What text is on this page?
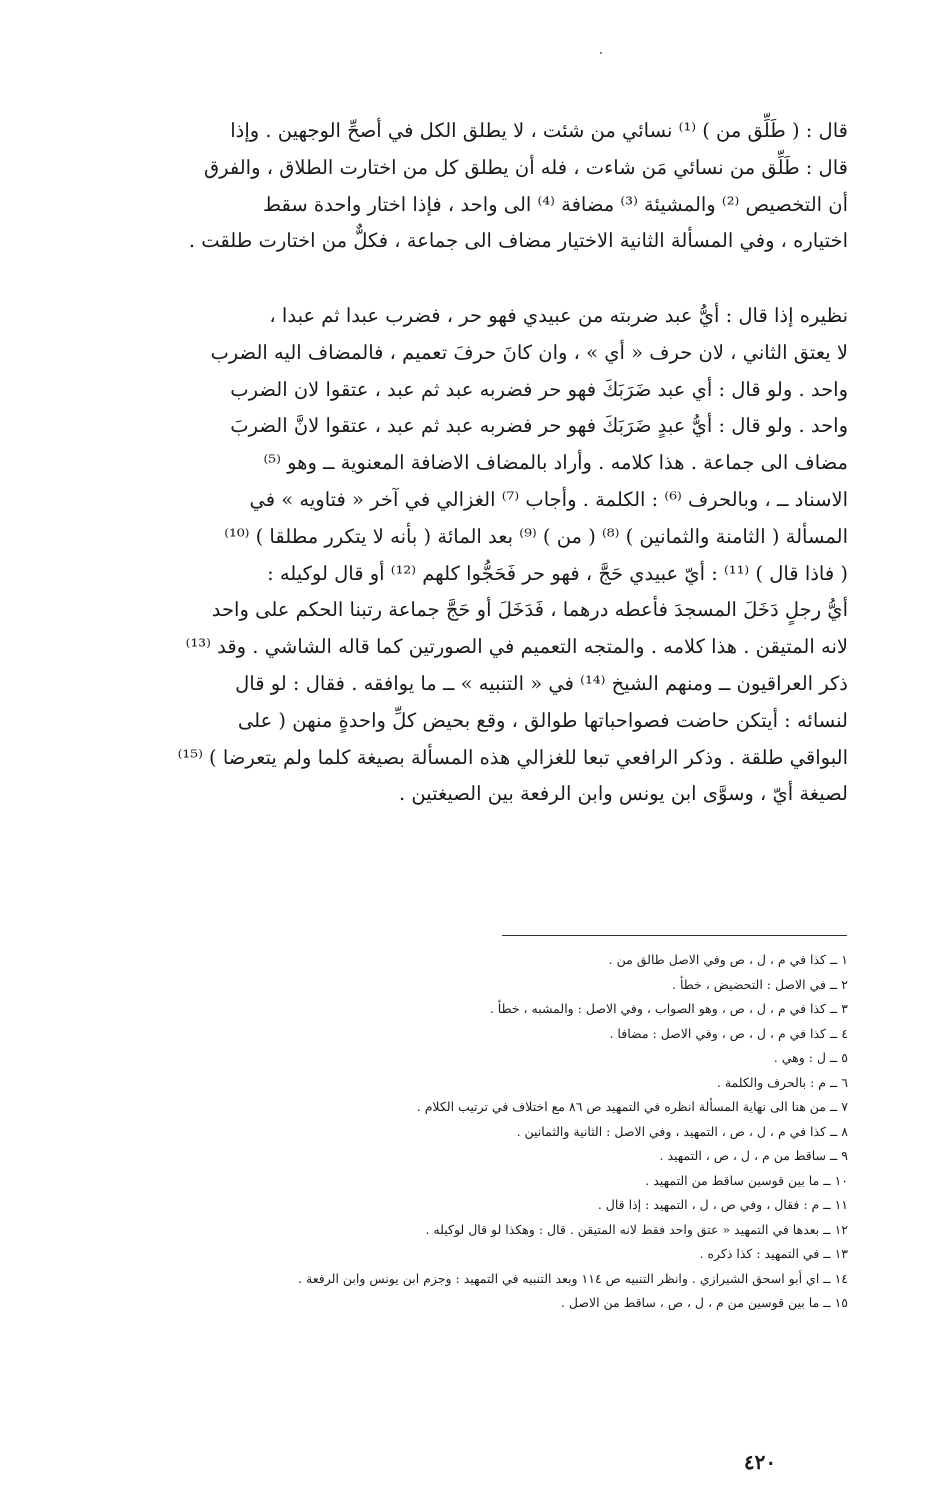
قال : ( طَلِّق من ) ⁽¹⁾ نسائي من شئت ، لا يطلق الكل في أصحِّ الوجهين . وإذا
قال : طَلِّق من نسائي مَن شاءت ، فله أن يطلق كل من اختارت الطلاق ، والفرق
أن التخصيص ⁽²⁾ والمشيئة ⁽³⁾ مضافة ⁽⁴⁾ الى واحد ، فإذا اختار واحدة سقط
اختياره ، وفي المسألة الثانية الاختيار مضاف الى جماعة ، فكلٌّ من اختارت طلقت .
نظيره إذا قال : أيُّ عبد ضربته من عبيدي فهو حر ، فضرب عبدا ثم عبدا ،
لا يعتق الثاني ، لان حرف « أي » ، وان كانَ حرفَ تعميم ، فالمضاف اليه الضرب
واحد . ولو قال : أي عبد ضَرَبَكَ فهو حر فضربه عبد ثم عبد ، عتقوا لان الضرب
واحد . ولو قال : أيُّ عبدٍ ضَرَبَكَ فهو حر فضربه عبد ثم عبد ، عتقوا لانَّ الضربَ
مضاف الى جماعة . هذا كلامه . وأراد بالمضاف الاضافة المعنوية ــ وهو ⁽⁵⁾
الاسناد ــ ، وبالحرف ⁽⁶⁾ : الكلمة . وأجاب ⁽⁷⁾ الغزالي في آخر « فتاويه » في
المسألة ( الثامنة والثمانين ) ⁽⁸⁾ ( من ) ⁽⁹⁾ بعد المائة ( بأنه لا يتكرر مطلقا ) ⁽¹⁰⁾
( فاذا قال ) ⁽¹¹⁾ : أيّ عبيدي حَجَّ ، فهو حر فَحَجُّوا كلهم ⁽¹²⁾ أو قال لوكيله :
أيُّ رجلٍ دَخَلَ المسجدَ فأعطه درهما ، فَدَخَلَ أو حَجَّ جماعة رتبنا الحكم على واحد
لانه المتيقن . هذا كلامه . والمتجه التعميم في الصورتين كما قاله الشاشي . وقد ⁽¹³⁾
ذكر العراقيون ــ ومنهم الشيخ ⁽¹⁴⁾ في « التنبيه » ــ ما يوافقه . فقال : لو قال
لنسائه : أيتكن حاضت فصواحباتها طوالق ، وقع بحيض كلِّ واحدةٍ منهن ( على
البواقي طلقة . وذكر الرافعي تبعا للغزالي هذه المسألة بصيغة كلما ولم يتعرضا ) ⁽¹⁵⁾
لصيغة أيّ ، وسوَّى ابن يونس وابن الرفعة بين الصيغتين .
١ ــ كذا في م ، ل ، ص وفي الاصل طالق من .
٢ ــ في الاصل : التحضيض ، خطأ .
٣ ــ كذا في م ، ل ، ص ، وهو الصواب ، وفي الاصل : والمشبه ، خطأ .
٤ ــ كذا في م ، ل ، ص ، وفي الاصل : مضافا .
٥ ــ ل : وهي .
٦ ــ م : بالحرف والكلمة .
٧ ــ من هنا الى نهاية المسألة انظره في التمهيد ص ٨٦ مع اختلاف في ترتيب الكلام .
٨ ــ كذا في م ، ل ، ص ، التمهيد ، وفي الاصل : الثانية والثمانين .
٩ ــ ساقط من م ، ل ، ص ، التمهيد .
١٠ ــ ما بين قوسين ساقط من التمهيد .
١١ ــ م : فقال ، وفي ص ، ل ، التمهيد : إذا قال .
١٢ ــ بعدها في التمهيد « عتق واحد فقط لانه المتيقن . قال : وهكذا لو قال لوكيله .
١٣ ــ في التمهيد : كذا ذكره .
١٤ ــ اي أبو اسحق الشيرازي . وانظر التنبيه ص ١١٤ وبعد التنبيه في التمهيد : وجزم ابن يونس وابن الرفعة .
١٥ ــ ما بين قوسين من م ، ل ، ص ، ساقط من الاصل .
٤٢٠
